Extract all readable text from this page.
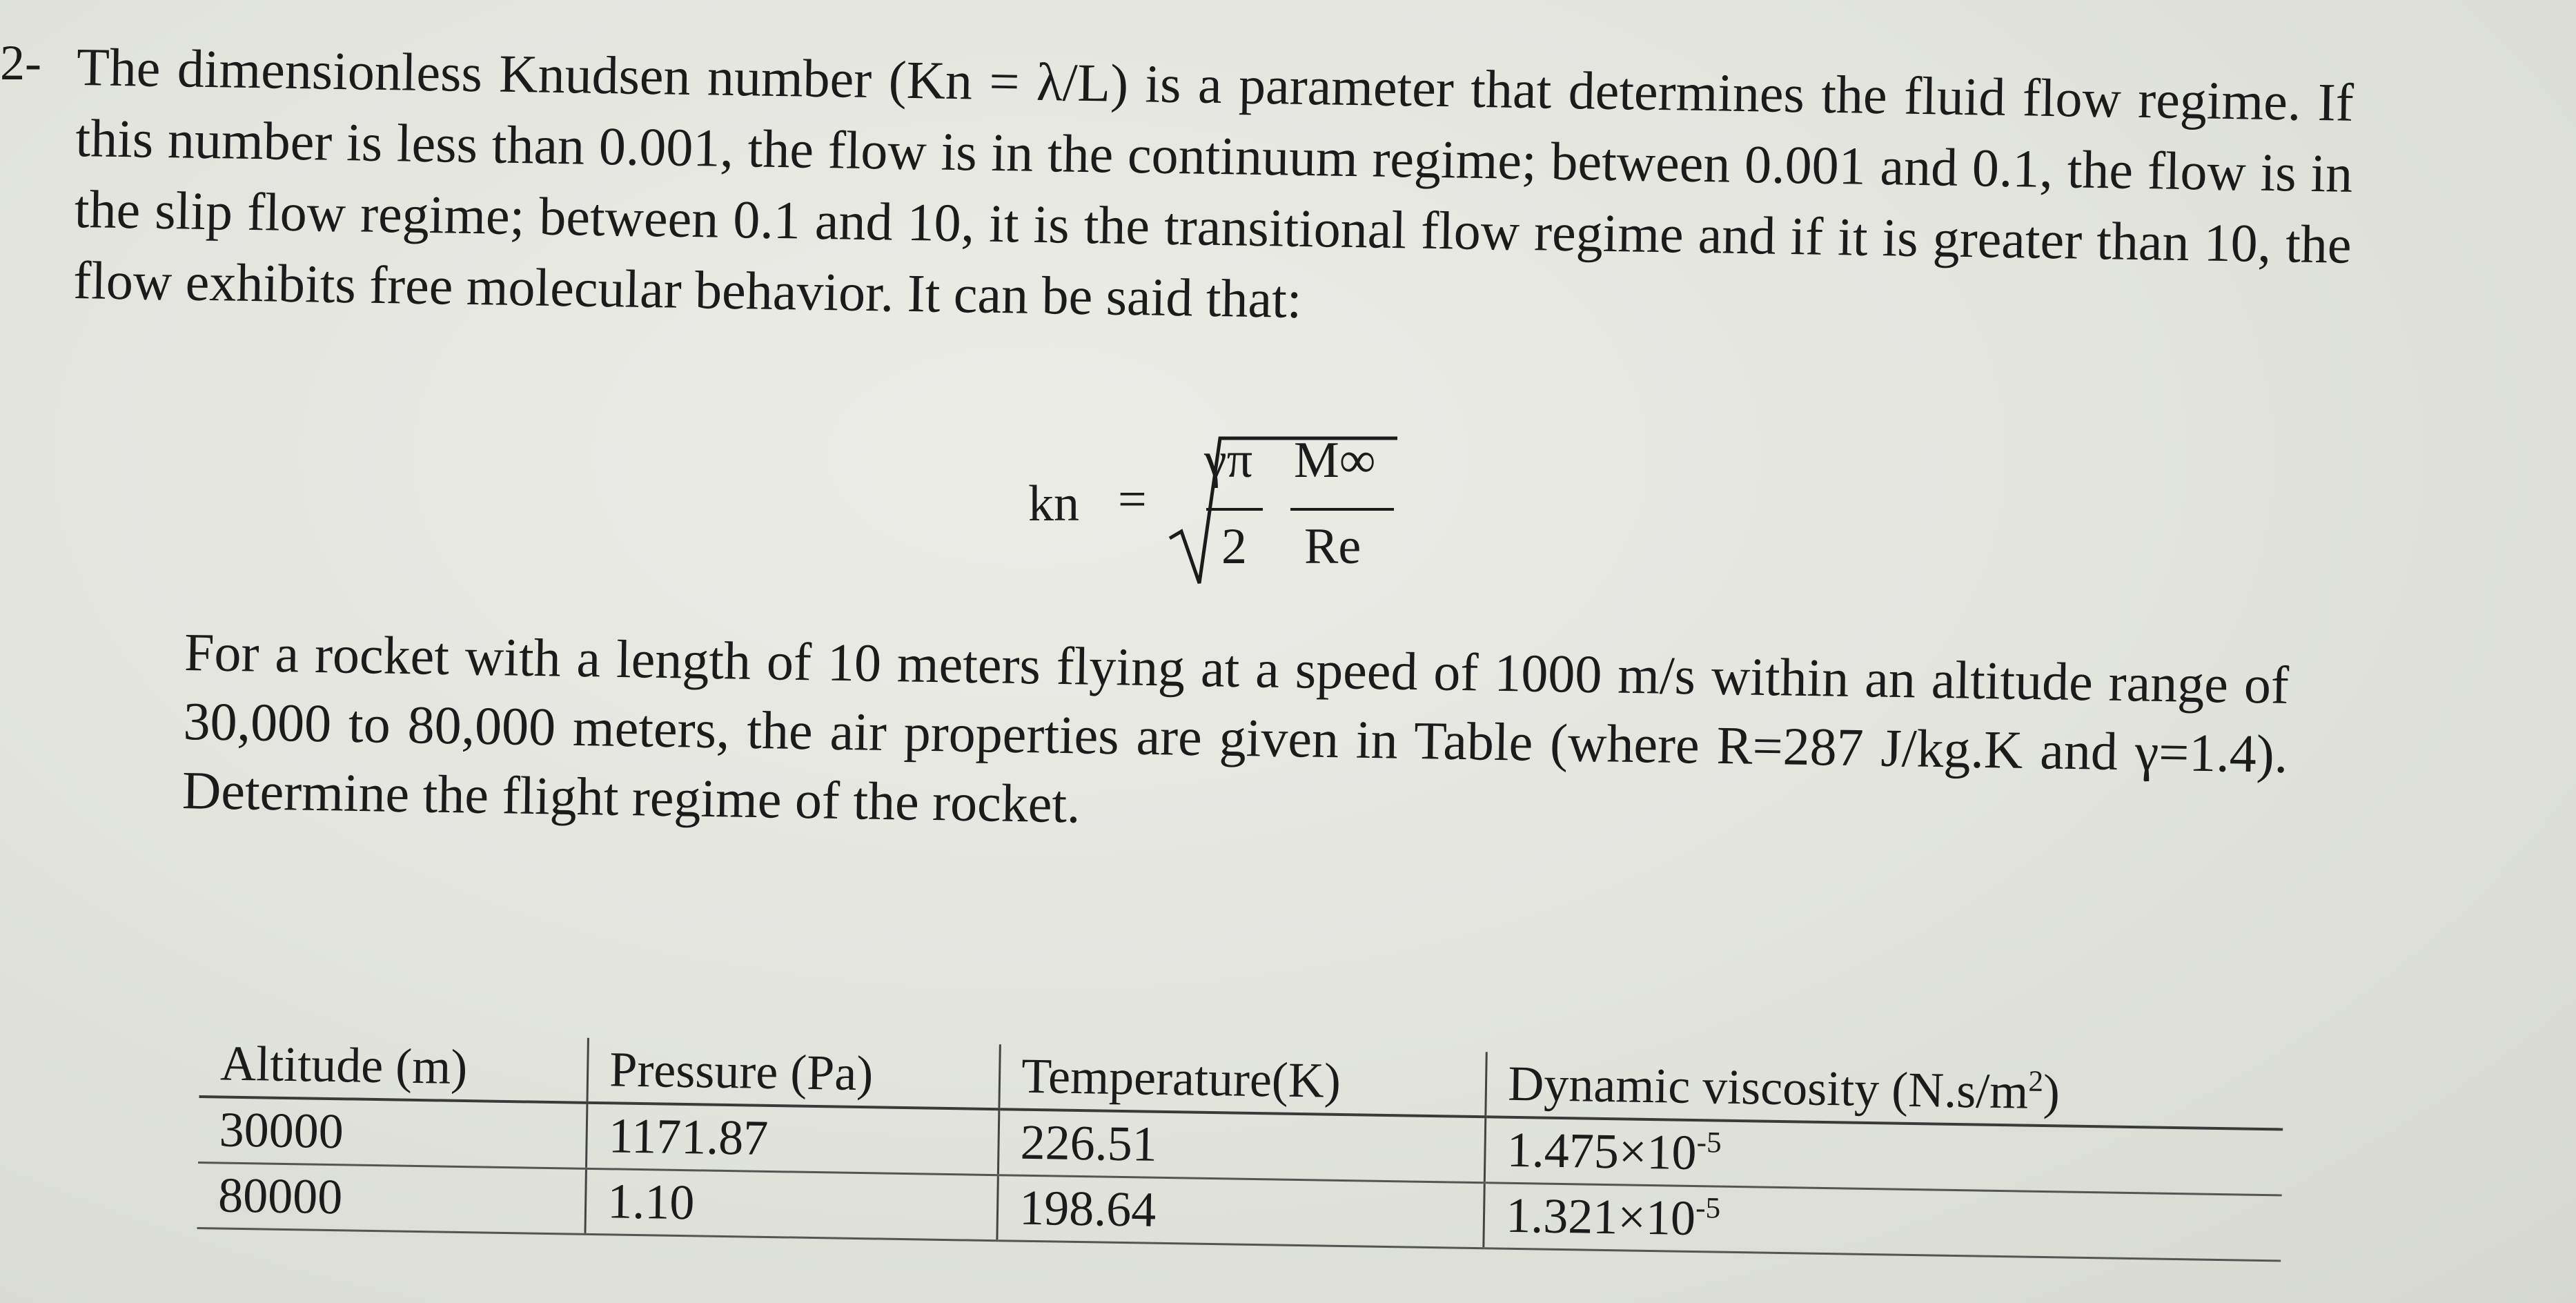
2- The dimensionless Knudsen number (Kn = λ/L) is a parameter that determines the fluid flow regime. If this number is less than 0.001, the flow is in the continuum regime; between 0.001 and 0.1, the flow is in the slip flow regime; between 0.1 and 10, it is the transitional flow regime and if it is greater than 10, the flow exhibits free molecular behavior. It can be said that:
kn =
γπ
2
M∞
Re
For a rocket with a length of 10 meters flying at a speed of 1000 m/s within an altitude range of 30,000 to 80,000 meters, the air properties are given in Table (where R=287 J/kg.K and γ=1.4). Determine the flight regime of the rocket.
Altitude (m)	Pressure (Pa)	Temperature(K)	Dynamic viscosity $(N.s/m^2)$
30000	1171.87	226.51	$1.475\times 10^{-5}$
80000	1.10	198.64	$1.321\times 10^{-5}$
